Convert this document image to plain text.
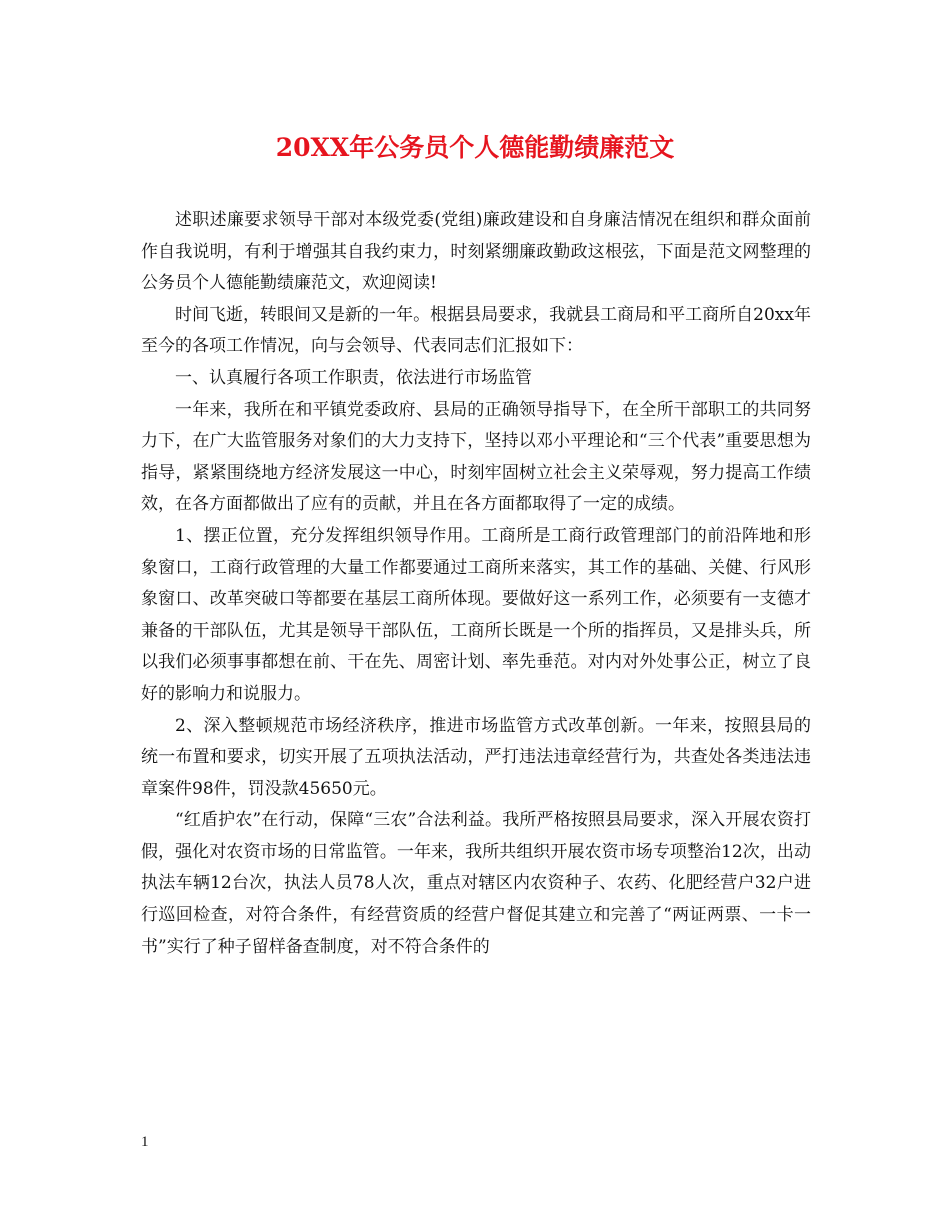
20XX年公务员个人德能勤绩廉范文

述职述廉要求领导干部对本级党委(党组)廉政建设和自身廉洁情况在组织和群众面前作自我说明，有利于增强其自我约束力，时刻紧绷廉政勤政这根弦，下面是范文网整理的公务员个人德能勤绩廉范文，欢迎阅读!

时间飞逝，转眼间又是新的一年。根据县局要求，我就县工商局和平工商所自20xx年至今的各项工作情况，向与会领导、代表同志们汇报如下：

一、认真履行各项工作职责，依法进行市场监管

一年来，我所在和平镇党委政府、县局的正确领导指导下，在全所干部职工的共同努力下，在广大监管服务对象们的大力支持下，坚持以邓小平理论和“三个代表”重要思想为指导，紧紧围绕地方经济发展这一中心，时刻牢固树立社会主义荣辱观，努力提高工作绩效，在各方面都做出了应有的贡献，并且在各方面都取得了一定的成绩。

1、摆正位置，充分发挥组织领导作用。工商所是工商行政管理部门的前沿阵地和形象窗口，工商行政管理的大量工作都要通过工商所来落实，其工作的基础、关健、行风形象窗口、改革突破口等都要在基层工商所体现。要做好这一系列工作，必须要有一支德才兼备的干部队伍，尤其是领导干部队伍，工商所长既是一个所的指挥员，又是排头兵，所以我们必须事事都想在前、干在先、周密计划、率先垂范。对内对外处事公正，树立了良好的影响力和说服力。

2、深入整顿规范市场经济秩序，推进市场监管方式改革创新。一年来，按照县局的统一布置和要求，切实开展了五项执法活动，严打违法违章经营行为，共查处各类违法违章案件98件，罚没款45650元。

“红盾护农”在行动，保障“三农”合法利益。我所严格按照县局要求，深入开展农资打假，强化对农资市场的日常监管。一年来，我所共组织开展农资市场专项整治12次，出动执法车辆12台次，执法人员78人次，重点对辖区内农资种子、农药、化肥经营户32户进行巡回检查，对符合条件，有经营资质的经营户督促其建立和完善了“两证两票、一卡一书”实行了种子留样备查制度，对不符合条件的

1
